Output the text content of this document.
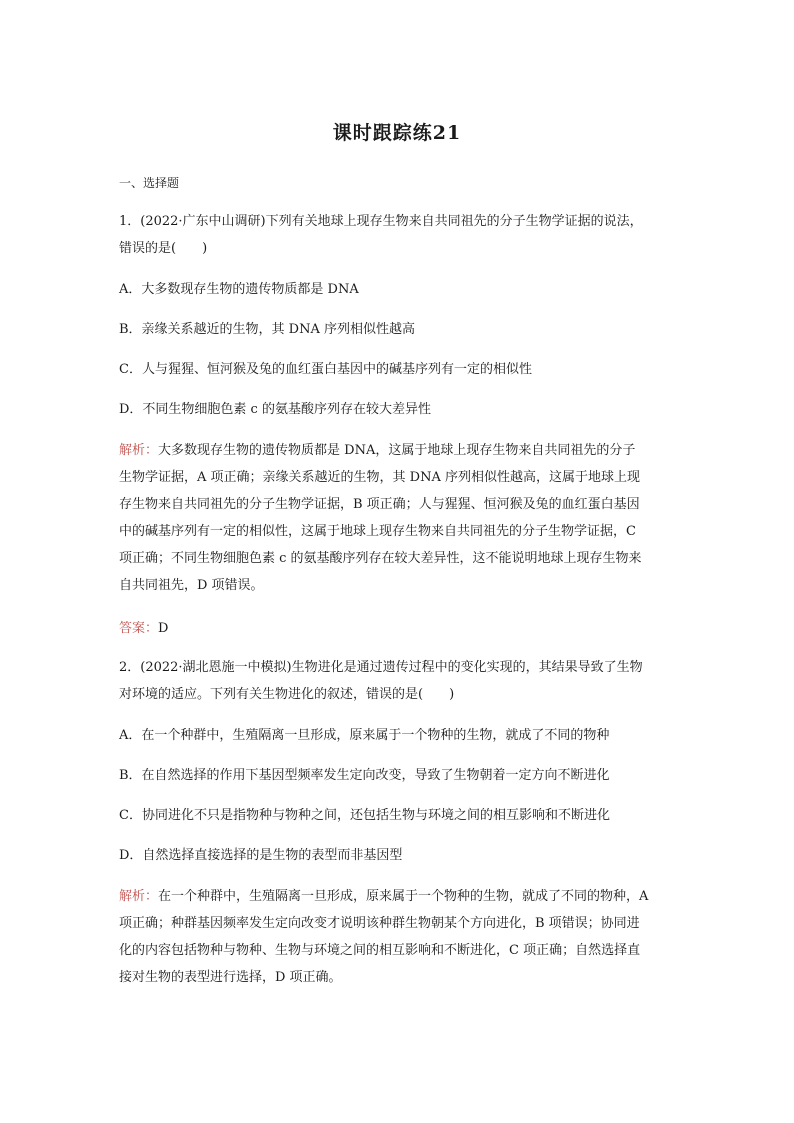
课时跟踪练21
一、选择题
1．(2022·广东中山调研)下列有关地球上现存生物来自共同祖先的分子生物学证据的说法，
错误的是(　　)
A．大多数现存生物的遗传物质都是 DNA
B．亲缘关系越近的生物，其 DNA 序列相似性越高
C．人与猩猩、恒河猴及兔的血红蛋白基因中的碱基序列有一定的相似性
D．不同生物细胞色素 c 的氨基酸序列存在较大差异性
解析：大多数现存生物的遗传物质都是 DNA，这属于地球上现存生物来自共同祖先的分子
生物学证据，A 项正确；亲缘关系越近的生物，其 DNA 序列相似性越高，这属于地球上现
存生物来自共同祖先的分子生物学证据，B 项正确；人与猩猩、恒河猴及兔的血红蛋白基因
中的碱基序列有一定的相似性，这属于地球上现存生物来自共同祖先的分子生物学证据，C
项正确；不同生物细胞色素 c 的氨基酸序列存在较大差异性，这不能说明地球上现存生物来
自共同祖先，D 项错误。
答案：D
2．(2022·湖北恩施一中模拟)生物进化是通过遗传过程中的变化实现的，其结果导致了生物
对环境的适应。下列有关生物进化的叙述，错误的是(　　)
A．在一个种群中，生殖隔离一旦形成，原来属于一个物种的生物，就成了不同的物种
B．在自然选择的作用下基因型频率发生定向改变，导致了生物朝着一定方向不断进化
C．协同进化不只是指物种与物种之间，还包括生物与环境之间的相互影响和不断进化
D．自然选择直接选择的是生物的表型而非基因型
解析：在一个种群中，生殖隔离一旦形成，原来属于一个物种的生物，就成了不同的物种，A
项正确；种群基因频率发生定向改变才说明该种群生物朝某个方向进化，B 项错误；协同进
化的内容包括物种与物种、生物与环境之间的相互影响和不断进化，C 项正确；自然选择直
接对生物的表型进行选择，D 项正确。
